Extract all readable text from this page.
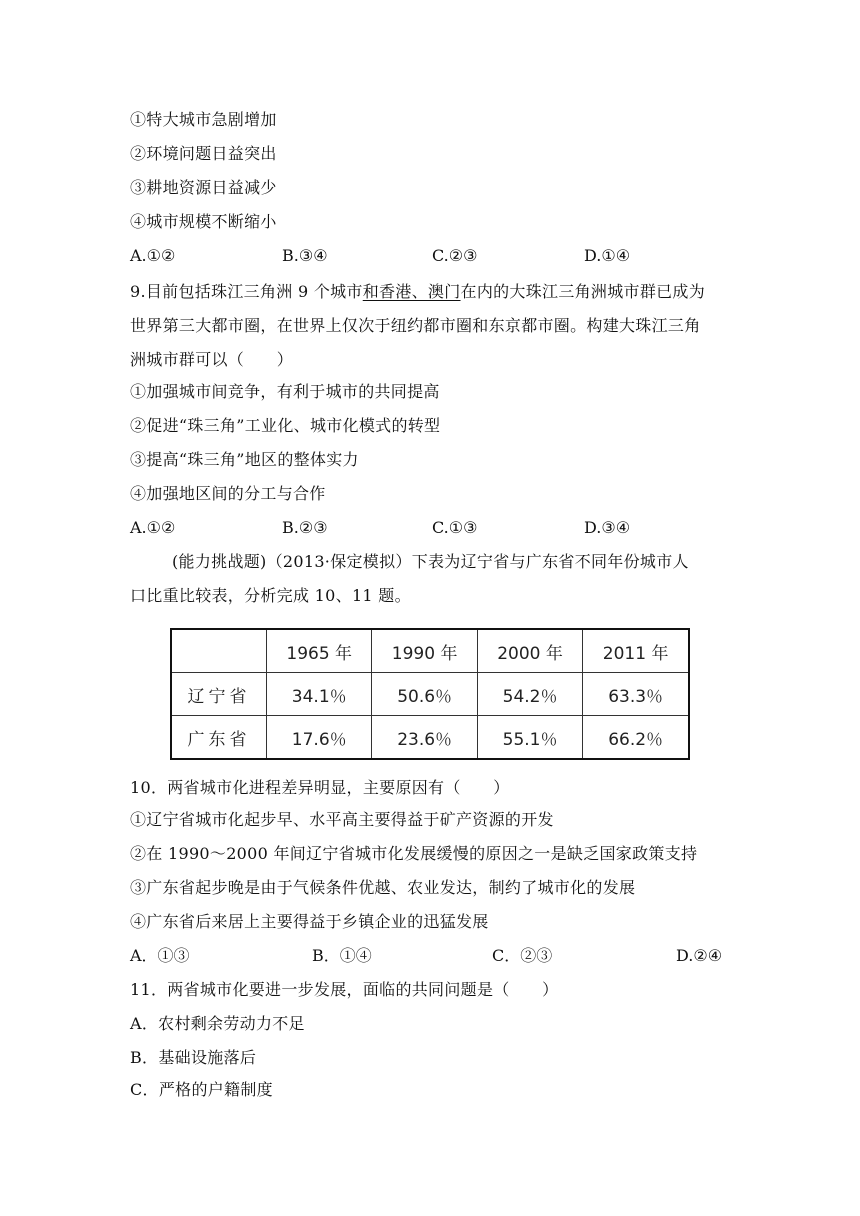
①特大城市急剧增加
②环境问题日益突出
③耕地资源日益减少
④城市规模不断缩小
A.①②	B.③④	C.②③	D.①④
9.目前包括珠江三角洲 9 个城市和香港、澳门在内的大珠江三角洲城市群已成为
世界第三大都市圈，在世界上仅次于纽约都市圈和东京都市圈。构建大珠江三角
洲城市群可以（　　）
①加强城市间竞争，有利于城市的共同提高
②促进“珠三角”工业化、城市化模式的转型
③提高“珠三角”地区的整体实力
④加强地区间的分工与合作
A.①②	B.②③	C.①③	D.③④
(能力挑战题)（2013·保定模拟）下表为辽宁省与广东省不同年份城市人
口比重比较表，分析完成 10、11 题。
	1965 年	1990 年	2000 年	2011 年
辽宁省	34.1％	50.6％	54.2％	63.3％
广东省	17.6％	23.6％	55.1％	66.2％
10．两省城市化进程差异明显，主要原因有（　　）
①辽宁省城市化起步早、水平高主要得益于矿产资源的开发
②在 1990～2000 年间辽宁省城市化发展缓慢的原因之一是缺乏国家政策支持
③广东省起步晚是由于气候条件优越、农业发达，制约了城市化的发展
④广东省后来居上主要得益于乡镇企业的迅猛发展
A．①③	B．①④	C．②③	D.②④
11．两省城市化要进一步发展，面临的共同问题是（　　）
A．农村剩余劳动力不足
B．基础设施落后
C．严格的户籍制度
